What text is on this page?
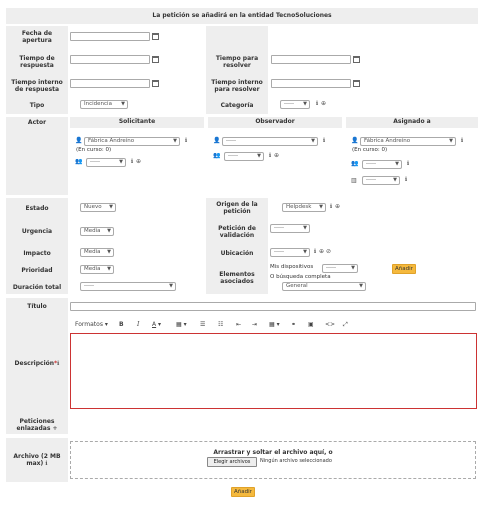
La petición se añadirá en la entidad TecnoSoluciones
Fecha de apertura
Tiempo de respuesta
Tiempo para resolver
Tiempo interno de respuesta
Tiempo interno para resolver
Tipo	Incidencia ▼	Categoría	----- ▼ ℹ ⊕
Actor	Solicitante	Observador	Asignado a
👤	Fábrica Andreíno	▼ ℹ
(En curso: 0)
👥	-----	▼ ℹ ⊕
👤	-----	▼ ℹ
👥	-----	▼ ℹ ⊕
👤	Fábrica Andreíno	▼ ℹ
(En curso: 0)
👥	-----	▼ ℹ
▥	-----	▼ ℹ
Estado	Nuevo ▼	Origen de la petición
Helpdesk ▼ ℹ ⊕
Urgencia	Media ▼	Petición de validación
-----	▼
Impacto	Media ▼	Ubicación	-----	▼ ℹ ⊕ ⊘
Prioridad	Media ▼
Elementos asociados
Mis dispositivos	-----	▼	Añadir
O búsqueda completa
General	▼
Duración total	-----	▼
Título
Formatos ▾ B I A ▾ ▦ ▾ ☰ ☷ ⇤ ⇥ ▦ ▾ ⚭ ▣ <> ⤢
Descripción*ℹ
Peticiones enlazadas +
Archivo (2 MB max) ℹ
Arrastrar y soltar el archivo aquí, o
Elegir archivos	Ningún archivo seleccionado
Añadir
